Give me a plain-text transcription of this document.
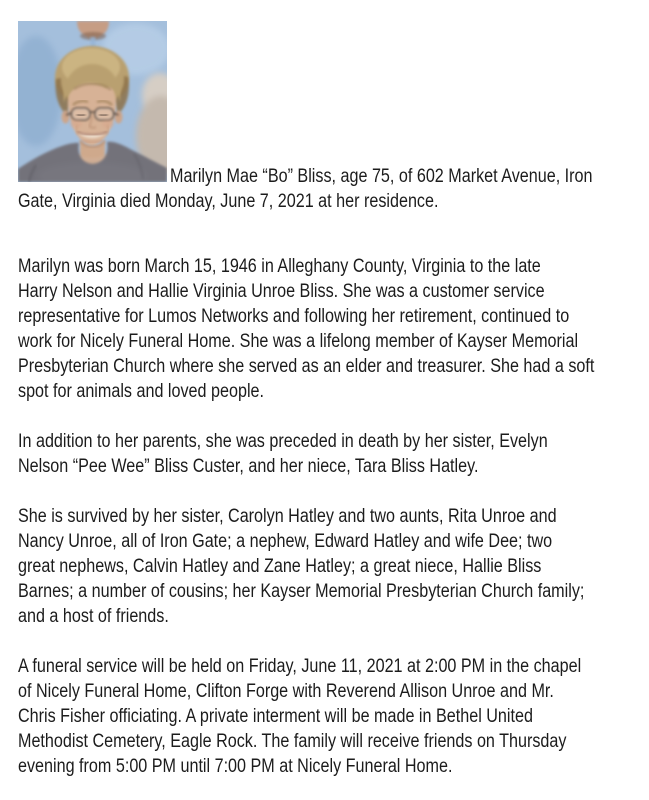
Marilyn Mae “Bo” Bliss, age 75, of 602 Market Avenue, Iron
Gate, Virginia died Monday, June 7, 2021 at her residence.
Marilyn was born March 15, 1946 in Alleghany County, Virginia to the late
Harry Nelson and Hallie Virginia Unroe Bliss. She was a customer service
representative for Lumos Networks and following her retirement, continued to
work for Nicely Funeral Home. She was a lifelong member of Kayser Memorial
Presbyterian Church where she served as an elder and treasurer. She had a soft
spot for animals and loved people.
In addition to her parents, she was preceded in death by her sister, Evelyn
Nelson “Pee Wee” Bliss Custer, and her niece, Tara Bliss Hatley.
She is survived by her sister, Carolyn Hatley and two aunts, Rita Unroe and
Nancy Unroe, all of Iron Gate; a nephew, Edward Hatley and wife Dee; two
great nephews, Calvin Hatley and Zane Hatley; a great niece, Hallie Bliss
Barnes; a number of cousins; her Kayser Memorial Presbyterian Church family;
and a host of friends.
A funeral service will be held on Friday, June 11, 2021 at 2:00 PM in the chapel
of Nicely Funeral Home, Clifton Forge with Reverend Allison Unroe and Mr.
Chris Fisher officiating. A private interment will be made in Bethel United
Methodist Cemetery, Eagle Rock. The family will receive friends on Thursday
evening from 5:00 PM until 7:00 PM at Nicely Funeral Home.
